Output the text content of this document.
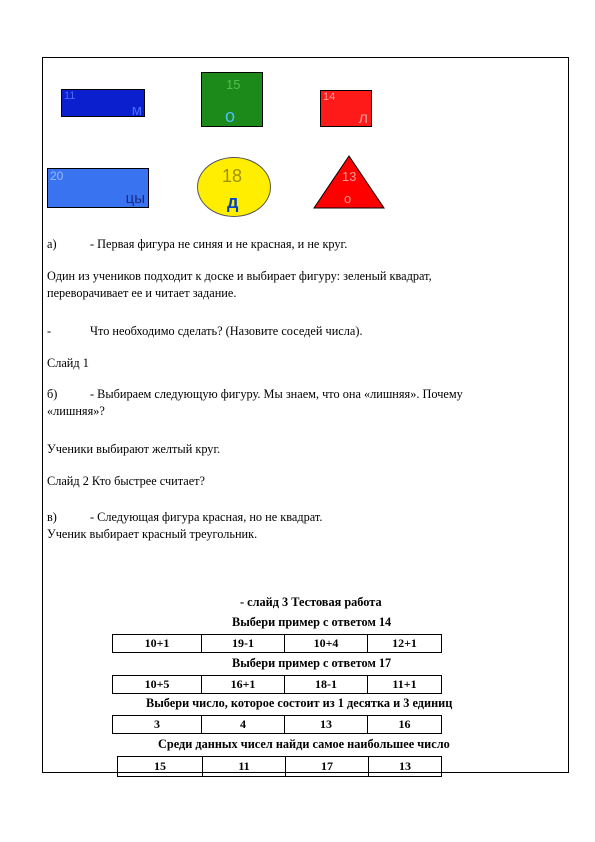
11
м
15
о
14
л
20
цы
18
д
13
о
а)	- Первая фигура не синяя и не красная, и не круг.
Один из учеников подходит к доске и выбирает фигуру: зеленый квадрат,
переворачивает ее и читает задание.
-	Что необходимо сделать? (Назовите соседей числа).
Слайд 1
б)	- Выбираем следующую фигуру. Мы знаем, что она «лишняя». Почему
«лишняя»?
Ученики выбирают желтый круг.
Слайд 2 Кто быстрее считает?
в)	- Следующая фигура красная, но не квадрат.
Ученик выбирает красный треугольник.
- слайд 3 Тестовая работа
Выбери пример с ответом 14
10+1	19-1	10+4	12+1
Выбери пример с ответом 17
10+5	16+1	18-1	11+1
Выбери число, которое состоит из 1 десятка и 3 единиц
3	4	13	16
Среди данных чисел найди самое наибольшее число
15	11	17	13
